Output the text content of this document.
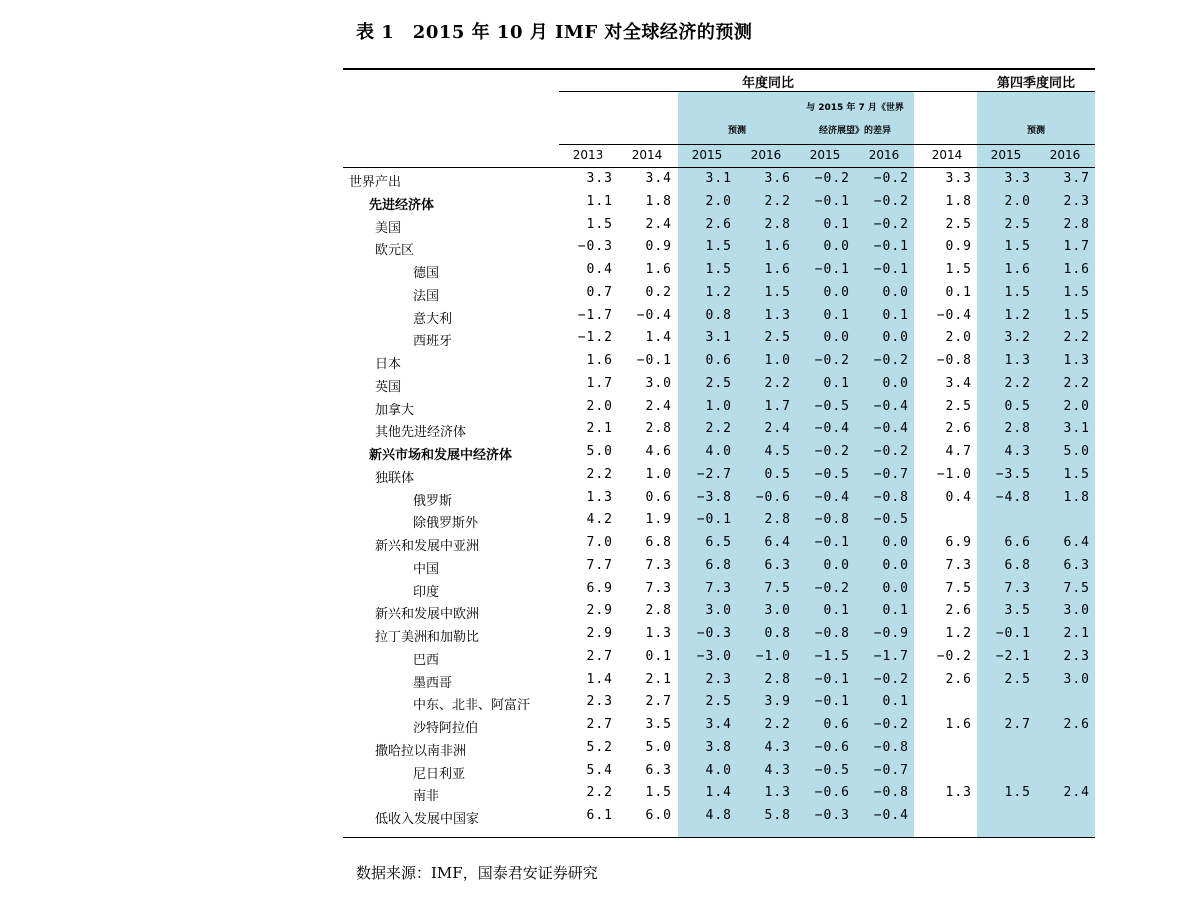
表 1　2015 年 10 月 IMF 对全球经济的预测
年度同比	第四季度同比
与 2015 年 7 月《世界
经济展望》的差异
预测	预测
2013	2014	2015	2016	2015	2016	2014	2015	2016
世界产出	3.3	3.4	3.1	3.6	−0.2	−0.2	3.3	3.3	3.7
先进经济体	1.1	1.8	2.0	2.2	−0.1	−0.2	1.8	2.0	2.3
美国	1.5	2.4	2.6	2.8	0.1	−0.2	2.5	2.5	2.8
欧元区	−0.3	0.9	1.5	1.6	0.0	−0.1	0.9	1.5	1.7
德国	0.4	1.6	1.5	1.6	−0.1	−0.1	1.5	1.6	1.6
法国	0.7	0.2	1.2	1.5	0.0	0.0	0.1	1.5	1.5
意大利	−1.7	−0.4	0.8	1.3	0.1	0.1	−0.4	1.2	1.5
西班牙	−1.2	1.4	3.1	2.5	0.0	0.0	2.0	3.2	2.2
日本	1.6	−0.1	0.6	1.0	−0.2	−0.2	−0.8	1.3	1.3
英国	1.7	3.0	2.5	2.2	0.1	0.0	3.4	2.2	2.2
加拿大	2.0	2.4	1.0	1.7	−0.5	−0.4	2.5	0.5	2.0
其他先进经济体	2.1	2.8	2.2	2.4	−0.4	−0.4	2.6	2.8	3.1
新兴市场和发展中经济体	5.0	4.6	4.0	4.5	−0.2	−0.2	4.7	4.3	5.0
独联体	2.2	1.0	−2.7	0.5	−0.5	−0.7	−1.0	−3.5	1.5
俄罗斯	1.3	0.6	−3.8	−0.6	−0.4	−0.8	0.4	−4.8	1.8
除俄罗斯外	4.2	1.9	−0.1	2.8	−0.8	−0.5
新兴和发展中亚洲	7.0	6.8	6.5	6.4	−0.1	0.0	6.9	6.6	6.4
中国	7.7	7.3	6.8	6.3	0.0	0.0	7.3	6.8	6.3
印度	6.9	7.3	7.3	7.5	−0.2	0.0	7.5	7.3	7.5
新兴和发展中欧洲	2.9	2.8	3.0	3.0	0.1	0.1	2.6	3.5	3.0
拉丁美洲和加勒比	2.9	1.3	−0.3	0.8	−0.8	−0.9	1.2	−0.1	2.1
巴西	2.7	0.1	−3.0	−1.0	−1.5	−1.7	−0.2	−2.1	2.3
墨西哥	1.4	2.1	2.3	2.8	−0.1	−0.2	2.6	2.5	3.0
中东、北非、阿富汗	2.3	2.7	2.5	3.9	−0.1	0.1
沙特阿拉伯	2.7	3.5	3.4	2.2	0.6	−0.2	1.6	2.7	2.6
撒哈拉以南非洲	5.2	5.0	3.8	4.3	−0.6	−0.8
尼日利亚	5.4	6.3	4.0	4.3	−0.5	−0.7
南非	2.2	1.5	1.4	1.3	−0.6	−0.8	1.3	1.5	2.4
低收入发展中国家	6.1	6.0	4.8	5.8	−0.3	−0.4
数据来源：IMF，国泰君安证券研究
